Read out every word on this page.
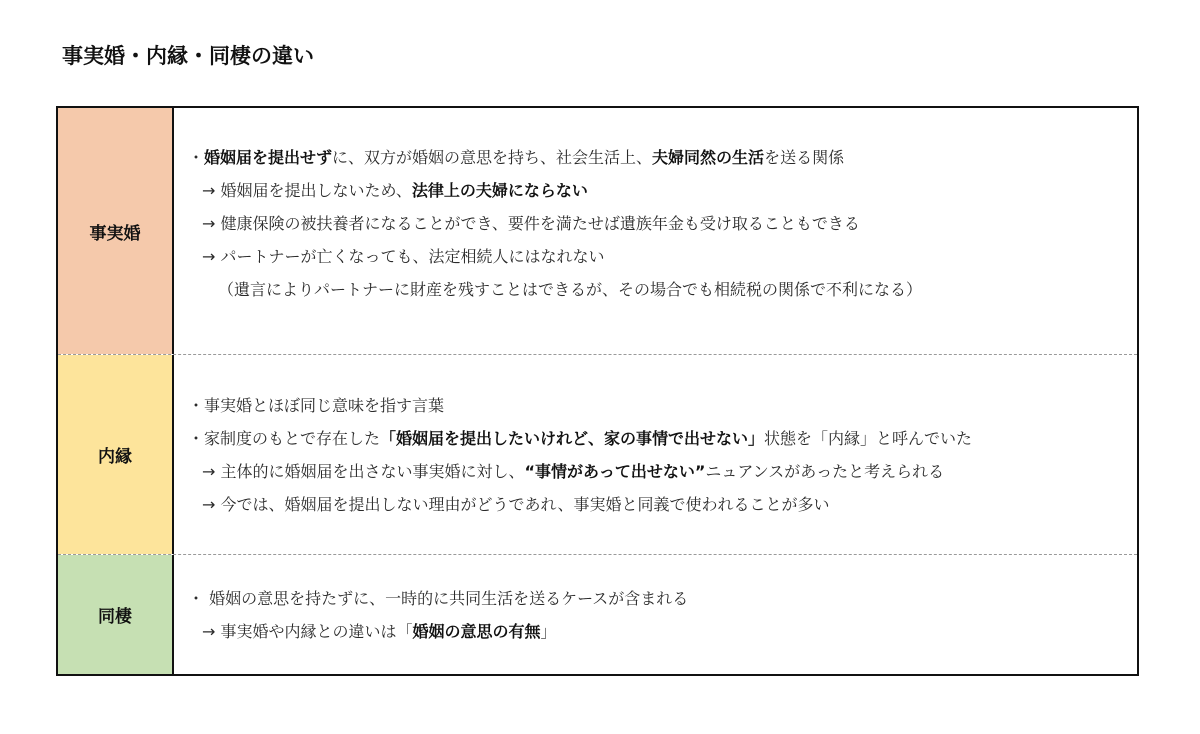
事実婚・内縁・同棲の違い
事実婚
・婚姻届を提出せずに、双方が婚姻の意思を持ち、社会生活上、夫婦同然の生活を送る関係
→ 婚姻届を提出しないため、法律上の夫婦にならない
→ 健康保険の被扶養者になることができ、要件を満たせば遺族年金も受け取ることもできる
→ パートナーが亡くなっても、法定相続人にはなれない
（遺言によりパートナーに財産を残すことはできるが、その場合でも相続税の関係で不利になる）
内縁
・事実婚とほぼ同じ意味を指す言葉
・家制度のもとで存在した「婚姻届を提出したいけれど、家の事情で出せない」状態を「内縁」と呼んでいた
→ 主体的に婚姻届を出さない事実婚に対し、“事情があって出せない”ニュアンスがあったと考えられる
→ 今では、婚姻届を提出しない理由がどうであれ、事実婚と同義で使われることが多い
同棲
・ 婚姻の意思を持たずに、一時的に共同生活を送るケースが含まれる
→ 事実婚や内縁との違いは「婚姻の意思の有無」
